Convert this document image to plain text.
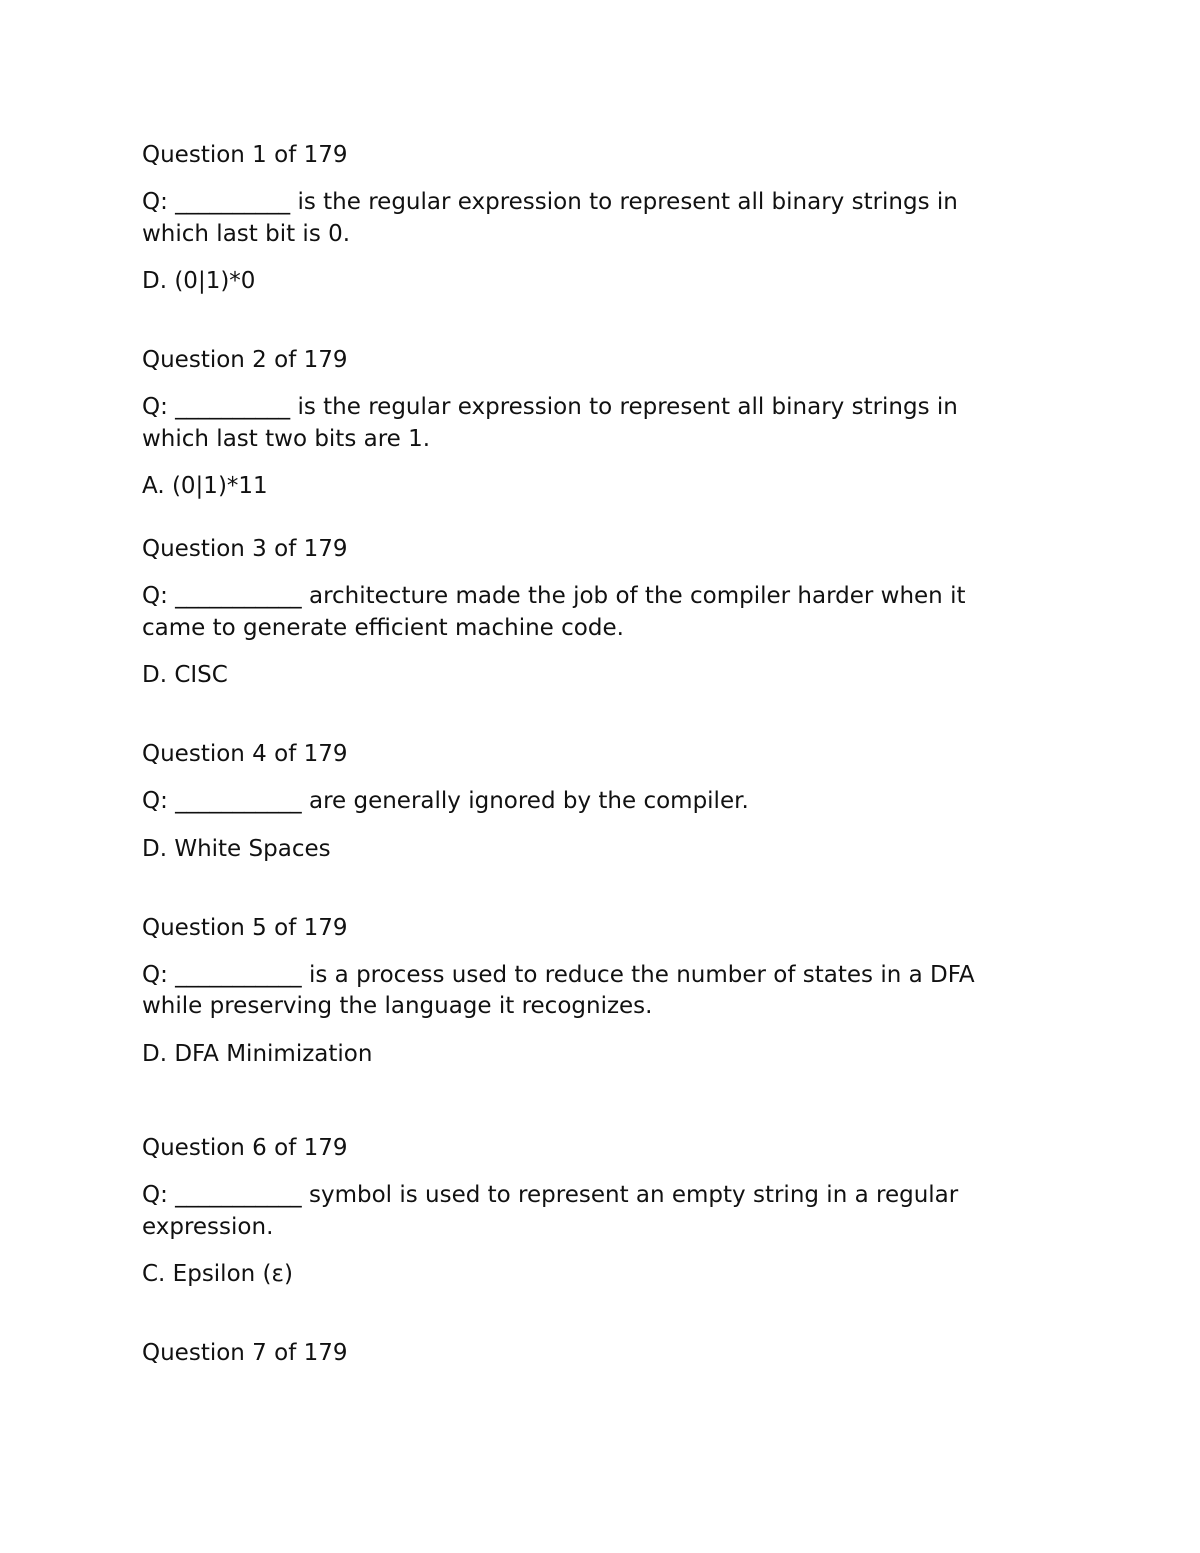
Question 1 of 179

Q: __________ is the regular expression to represent all binary strings in

which last bit is 0.

D. (0|1)*0

Question 2 of 179

Q: __________ is the regular expression to represent all binary strings in

which last two bits are 1.

A. (0|1)*11

Question 3 of 179

Q: ___________ architecture made the job of the compiler harder when it

came to generate efficient machine code.

D. CISC

Question 4 of 179

Q: ___________ are generally ignored by the compiler.

D. White Spaces

Question 5 of 179

Q: ___________ is a process used to reduce the number of states in a DFA

while preserving the language it recognizes.

D. DFA Minimization

Question 6 of 179

Q: ___________ symbol is used to represent an empty string in a regular

expression.

C. Epsilon (ε)

Question 7 of 179
